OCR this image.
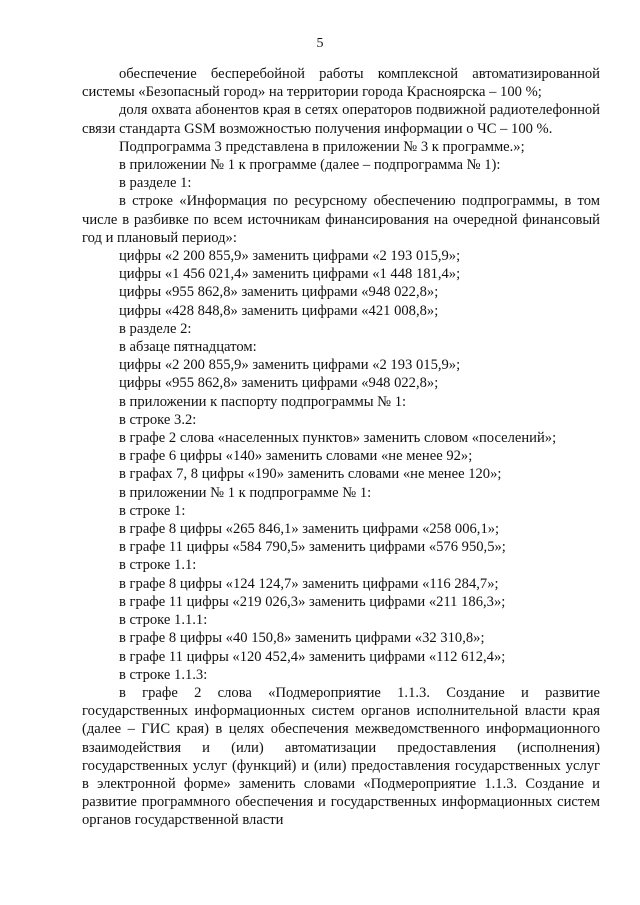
5

обеспечение бесперебойной работы комплексной автоматизированной системы «Безопасный город» на территории города Красноярска – 100 %;

доля охвата абонентов края в сетях операторов подвижной радиотелефонной связи стандарта GSM возможностью получения информации о ЧС – 100 %.

Подпрограмма 3 представлена в приложении № 3 к программе.»;

в приложении № 1 к программе (далее – подпрограмма № 1):

в разделе 1:

в строке «Информация по ресурсному обеспечению подпрограммы, в том числе в разбивке по всем источникам финансирования на очередной финансовый год и плановый период»:

цифры «2 200 855,9» заменить цифрами «2 193 015,9»;

цифры «1 456 021,4» заменить цифрами «1 448 181,4»;

цифры «955 862,8» заменить цифрами «948 022,8»;

цифры «428 848,8» заменить цифрами «421 008,8»;

в разделе 2:

в абзаце пятнадцатом:

цифры «2 200 855,9» заменить цифрами «2 193 015,9»;

цифры «955 862,8» заменить цифрами «948 022,8»;

в приложении к паспорту подпрограммы № 1:

в строке 3.2:

в графе 2 слова «населенных пунктов» заменить словом «поселений»;

в графе 6 цифры «140» заменить словами «не менее 92»;

в графах 7, 8 цифры «190» заменить словами «не менее 120»;

в приложении № 1 к подпрограмме № 1:

в строке 1:

в графе 8 цифры «265 846,1» заменить цифрами «258 006,1»;

в графе 11 цифры «584 790,5» заменить цифрами «576 950,5»;

в строке 1.1:

в графе 8 цифры «124 124,7» заменить цифрами «116 284,7»;

в графе 11 цифры «219 026,3» заменить цифрами «211 186,3»;

в строке 1.1.1:

в графе 8 цифры «40 150,8» заменить цифрами «32 310,8»;

в графе 11 цифры «120 452,4» заменить цифрами «112 612,4»;

в строке 1.1.3:

в графе 2 слова «Подмероприятие 1.1.3. Создание и развитие государственных информационных систем органов исполнительной власти края (далее – ГИС края) в целях обеспечения межведомственного информационного взаимодействия и (или) автоматизации предоставления (исполнения) государственных услуг (функций) и (или) предоставления государственных услуг в электронной форме» заменить словами «Подмероприятие 1.1.3. Создание и развитие программного обеспечения и государственных информационных систем органов государственной власти
